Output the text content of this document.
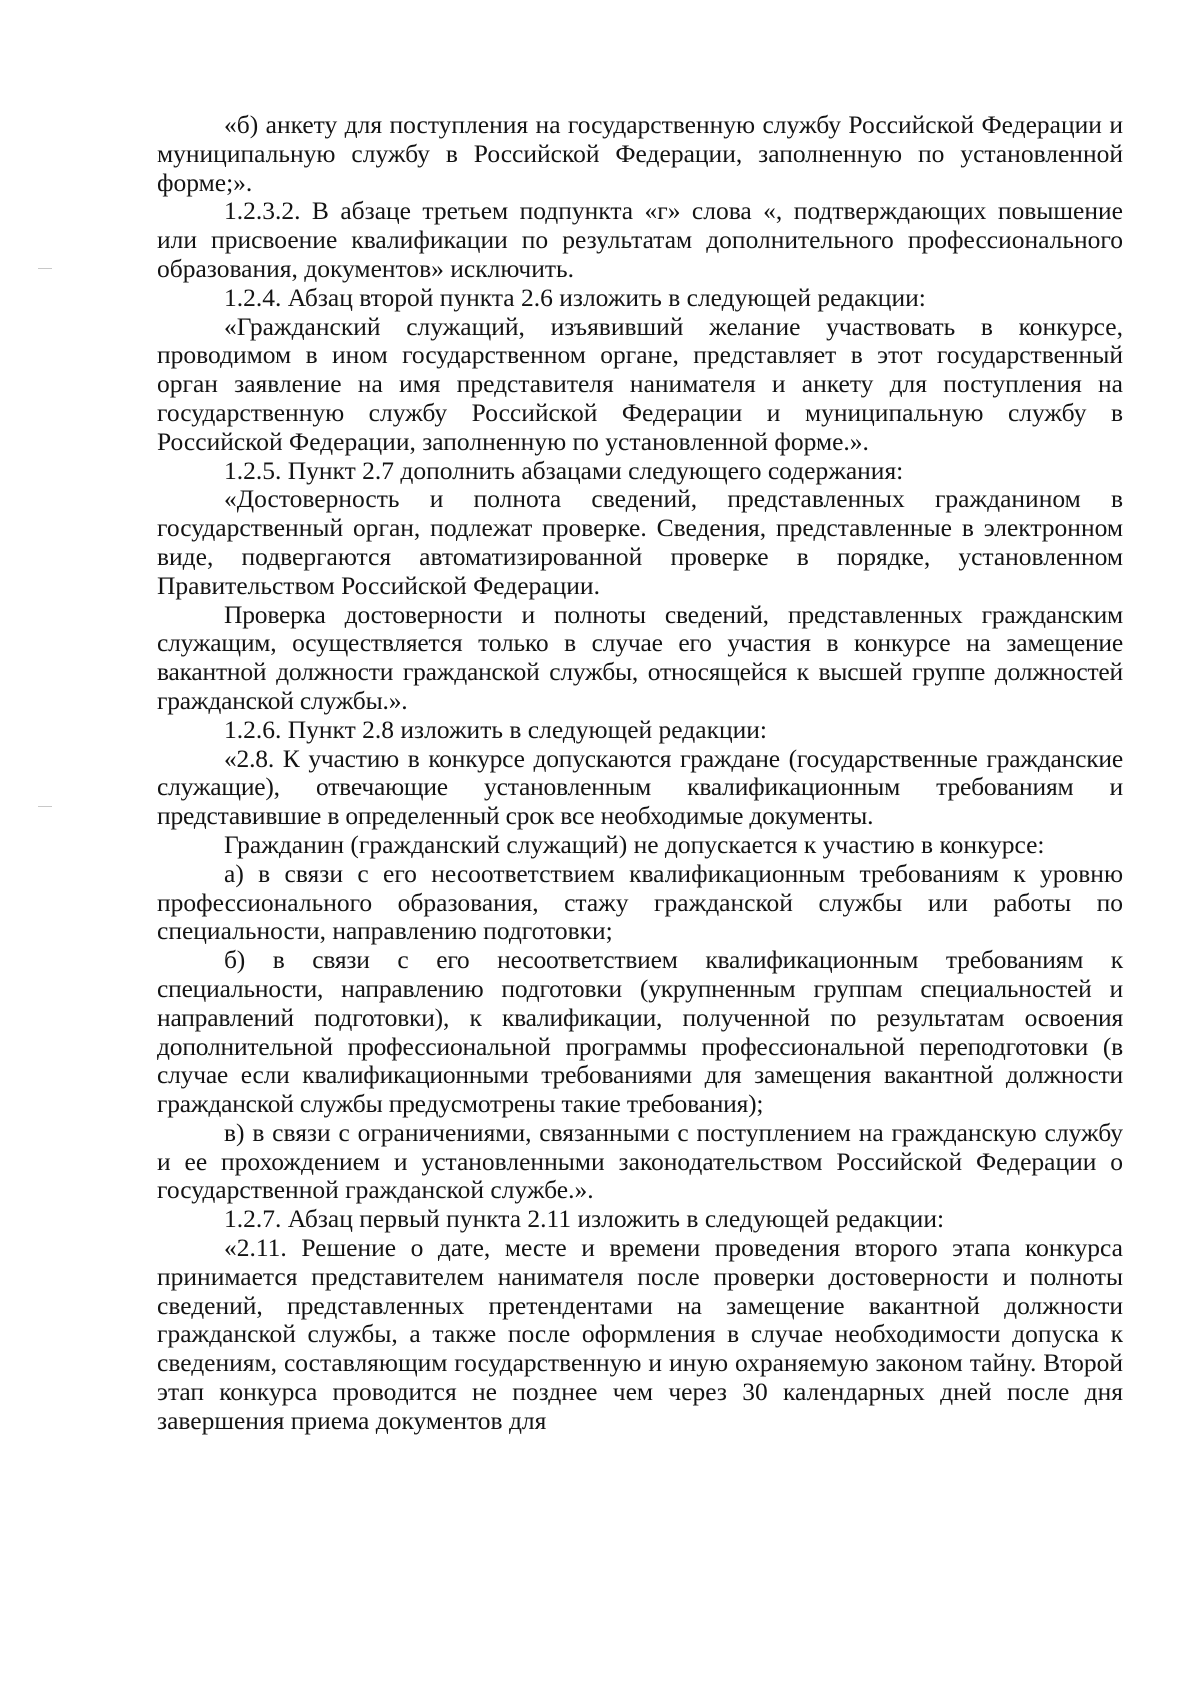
«б) анкету для поступления на государственную службу Российской Федерации и муниципальную службу в Российской Федерации, заполненную по установленной форме;».

1.2.3.2. В абзаце третьем подпункта «г» слова «, подтверждающих повышение или присвоение квалификации по результатам дополнительного профессионального образования, документов» исключить.

1.2.4. Абзац второй пункта 2.6 изложить в следующей редакции:

«Гражданский служащий, изъявивший желание участвовать в конкурсе, проводимом в ином государственном органе, представляет в этот государственный орган заявление на имя представителя нанимателя и анкету для поступления на государственную службу Российской Федерации и муниципальную службу в Российской Федерации, заполненную по установленной форме.».

1.2.5. Пункт 2.7 дополнить абзацами следующего содержания:

«Достоверность и полнота сведений, представленных гражданином в государственный орган, подлежат проверке. Сведения, представленные в электронном виде, подвергаются автоматизированной проверке в порядке, установленном Правительством Российской Федерации.

Проверка достоверности и полноты сведений, представленных гражданским служащим, осуществляется только в случае его участия в конкурсе на замещение вакантной должности гражданской службы, относящейся к высшей группе должностей гражданской службы.».

1.2.6. Пункт 2.8 изложить в следующей редакции:

«2.8. К участию в конкурсе допускаются граждане (государственные гражданские служащие), отвечающие установленным квалификационным требованиям и представившие в определенный срок все необходимые документы.

Гражданин (гражданский служащий) не допускается к участию в конкурсе:

а) в связи с его несоответствием квалификационным требованиям к уровню профессионального образования, стажу гражданской службы или работы по специальности, направлению подготовки;

б) в связи с его несоответствием квалификационным требованиям к специальности, направлению подготовки (укрупненным группам специальностей и направлений подготовки), к квалификации, полученной по результатам освоения дополнительной профессиональной программы профессиональной переподготовки (в случае если квалификационными требованиями для замещения вакантной должности гражданской службы предусмотрены такие требования);

в) в связи с ограничениями, связанными с поступлением на гражданскую службу и ее прохождением и установленными законодательством Российской Федерации о государственной гражданской службе.».

1.2.7. Абзац первый пункта 2.11 изложить в следующей редакции:

«2.11. Решение о дате, месте и времени проведения второго этапа конкурса принимается представителем нанимателя после проверки достоверности и полноты сведений, представленных претендентами на замещение вакантной должности гражданской службы, а также после оформления в случае необходимости допуска к сведениям, составляющим государственную и иную охраняемую законом тайну. Второй этап конкурса проводится не позднее чем через 30 календарных дней после дня завершения приема документов для
